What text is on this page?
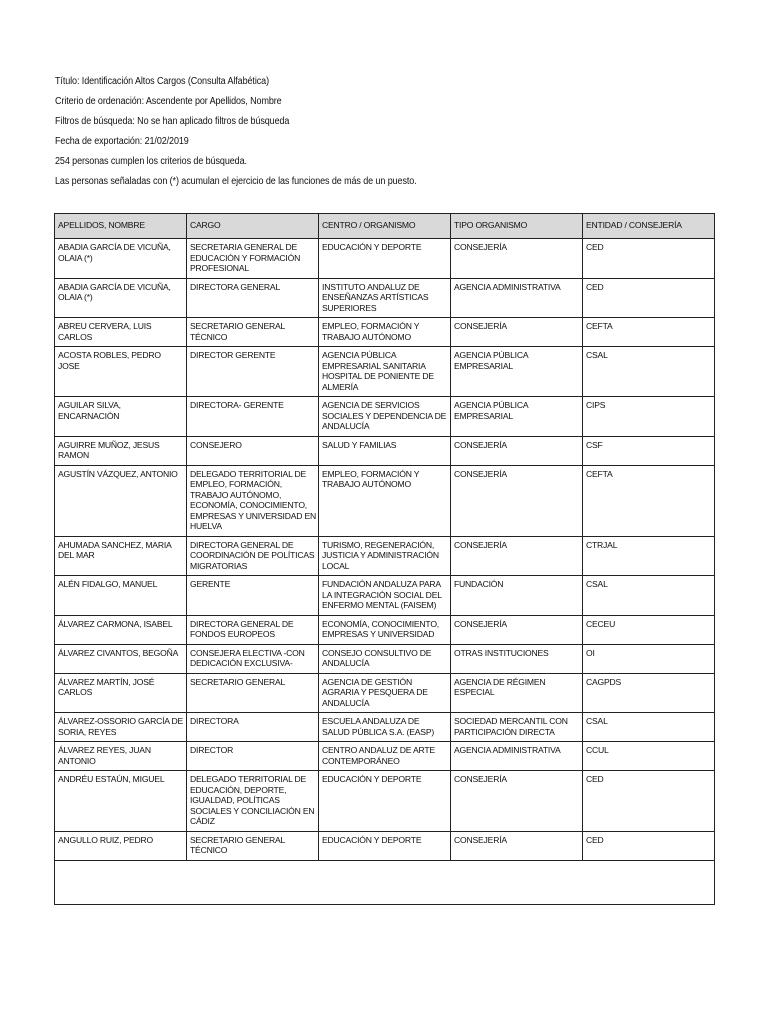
Título: Identificación Altos Cargos (Consulta Alfabética)
Criterio de ordenación: Ascendente por Apellidos, Nombre
Filtros de búsqueda: No se han aplicado filtros de búsqueda
Fecha de exportación: 21/02/2019
254 personas cumplen los criterios de búsqueda.
Las personas señaladas con (*) acumulan el ejercicio de las funciones de más de un puesto.
APELLIDOS, NOMBRE	CARGO	CENTRO / ORGANISMO	TIPO ORGANISMO	ENTIDAD / CONSEJERÍA
ABADIA GARCÍA DE VICUÑA, OLAIA (*)	SECRETARIA GENERAL DE EDUCACIÓN Y FORMACIÓN PROFESIONAL	EDUCACIÓN Y DEPORTE	CONSEJERÍA	CED
ABADIA GARCÍA DE VICUÑA, OLAIA (*)	DIRECTORA GENERAL	INSTITUTO ANDALUZ DE ENSEÑANZAS ARTÍSTICAS SUPERIORES	AGENCIA ADMINISTRATIVA	CED
ABREU CERVERA, LUIS CARLOS	SECRETARIO GENERAL TÉCNICO	EMPLEO, FORMACIÓN Y TRABAJO AUTÓNOMO	CONSEJERÍA	CEFTA
ACOSTA ROBLES, PEDRO JOSE	DIRECTOR GERENTE	AGENCIA PÚBLICA EMPRESARIAL SANITARIA HOSPITAL DE PONIENTE DE ALMERÍA	AGENCIA PÚBLICA EMPRESARIAL	CSAL
AGUILAR SILVA, ENCARNACIÓN	DIRECTORA- GERENTE	AGENCIA DE SERVICIOS SOCIALES Y DEPENDENCIA DE ANDALUCÍA	AGENCIA PÚBLICA EMPRESARIAL	CIPS
AGUIRRE MUÑOZ, JESUS RAMON	CONSEJERO	SALUD Y FAMILIAS	CONSEJERÍA	CSF
AGUSTÍN VÁZQUEZ, ANTONIO	DELEGADO TERRITORIAL DE EMPLEO, FORMACIÓN, TRABAJO AUTÓNOMO, ECONOMÍA, CONOCIMIENTO, EMPRESAS Y UNIVERSIDAD EN HUELVA	EMPLEO, FORMACIÓN Y TRABAJO AUTÓNOMO	CONSEJERÍA	CEFTA
AHUMADA SANCHEZ, MARIA DEL MAR	DIRECTORA GENERAL DE COORDINACIÓN DE POLÍTICAS MIGRATORIAS	TURISMO, REGENERACIÓN, JUSTICIA Y ADMINISTRACIÓN LOCAL	CONSEJERÍA	CTRJAL
ALÉN FIDALGO, MANUEL	GERENTE	FUNDACIÓN ANDALUZA PARA LA INTEGRACIÓN SOCIAL DEL ENFERMO MENTAL (FAISEM)	FUNDACIÓN	CSAL
ÁLVAREZ CARMONA, ISABEL	DIRECTORA GENERAL DE FONDOS EUROPEOS	ECONOMÍA, CONOCIMIENTO, EMPRESAS Y UNIVERSIDAD	CONSEJERÍA	CECEU
ÁLVAREZ CIVANTOS, BEGOÑA	CONSEJERA ELECTIVA -CON DEDICACIÓN EXCLUSIVA-	CONSEJO CONSULTIVO DE ANDALUCÍA	OTRAS INSTITUCIONES	OI
ÁLVAREZ MARTÍN, JOSÉ CARLOS	SECRETARIO GENERAL	AGENCIA DE GESTIÓN AGRARIA Y PESQUERA DE ANDALUCÍA	AGENCIA DE RÉGIMEN ESPECIAL	CAGPDS
ÁLVAREZ-OSSORIO GARCÍA DE SORIA, REYES	DIRECTORA	ESCUELA ANDALUZA DE SALUD PÚBLICA S.A. (EASP)	SOCIEDAD MERCANTIL CON PARTICIPACIÓN DIRECTA	CSAL
ÁLVAREZ REYES, JUAN ANTONIO	DIRECTOR	CENTRO ANDALUZ DE ARTE CONTEMPORÁNEO	AGENCIA ADMINISTRATIVA	CCUL
ANDRÉU ESTAÚN, MIGUEL	DELEGADO TERRITORIAL DE EDUCACIÓN, DEPORTE, IGUALDAD, POLÍTICAS SOCIALES Y CONCILIACIÓN EN CÁDIZ	EDUCACIÓN Y DEPORTE	CONSEJERÍA	CED
ANGULLO RUIZ, PEDRO	SECRETARIO GENERAL TÉCNICO	EDUCACIÓN Y DEPORTE	CONSEJERÍA	CED
